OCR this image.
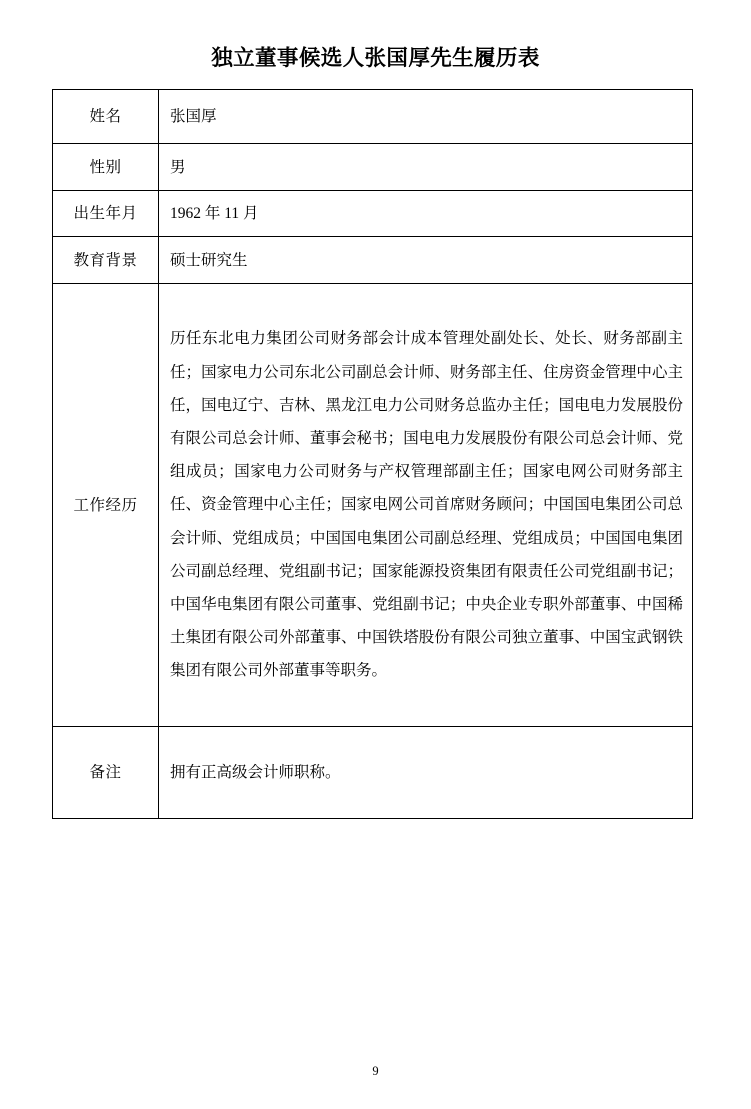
独立董事候选人张国厚先生履历表
姓名	张国厚
性别	男
出生年月	1962 年 11 月
教育背景	硕士研究生
工作经历	历任东北电力集团公司财务部会计成本管理处副处长、处长、财务部副主任；国家电力公司东北公司副总会计师、财务部主任、住房资金管理中心主任，国电辽宁、吉林、黑龙江电力公司财务总监办主任；国电电力发展股份有限公司总会计师、董事会秘书；国电电力发展股份有限公司总会计师、党组成员；国家电力公司财务与产权管理部副主任；国家电网公司财务部主任、资金管理中心主任；国家电网公司首席财务顾问；中国国电集团公司总会计师、党组成员；中国国电集团公司副总经理、党组成员；中国国电集团公司副总经理、党组副书记；国家能源投资集团有限责任公司党组副书记；中国华电集团有限公司董事、党组副书记；中央企业专职外部董事、中国稀土集团有限公司外部董事、中国铁塔股份有限公司独立董事、中国宝武钢铁集团有限公司外部董事等职务。

备注	拥有正高级会计师职称。
9
